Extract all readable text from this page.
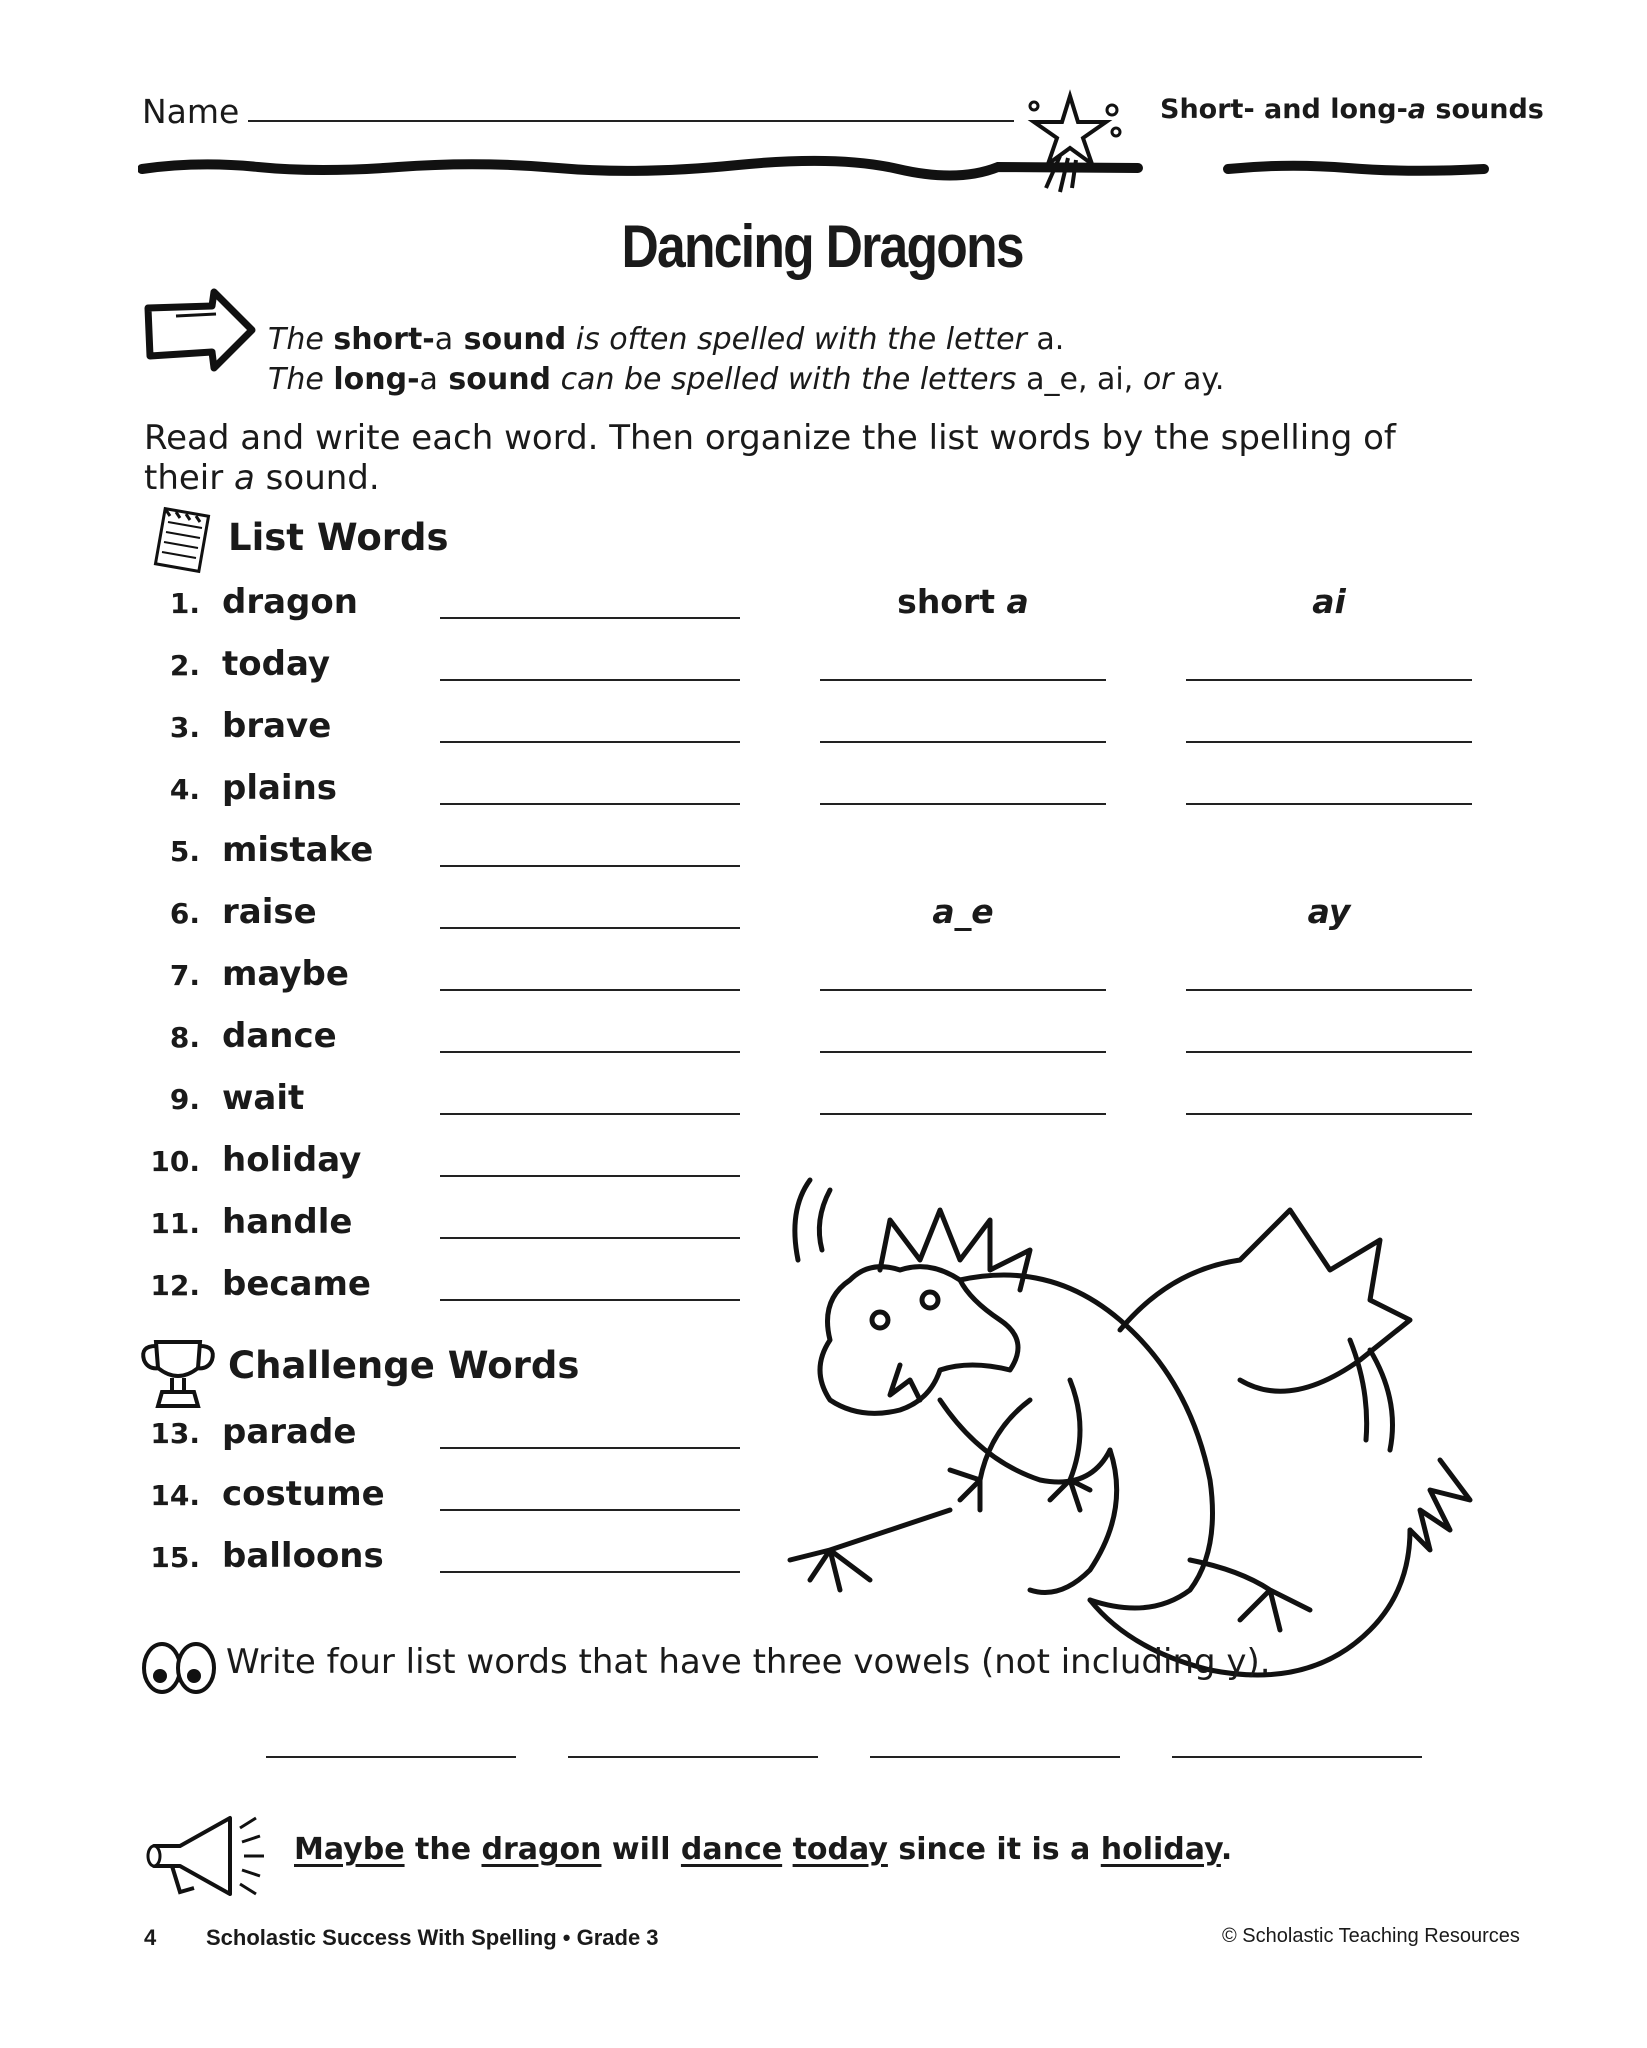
Name	Short- and long-a sounds
Dancing Dragons
The short-a sound is often spelled with the letter a.
The long-a sound can be spelled with the letters a_e, ai, or ay.
Read and write each word. Then organize the list words by the spelling of their a sound.
List Words
1. dragon
2. today
3. brave
4. plains
5. mistake
6. raise
7. maybe
8. dance
9. wait
10. holiday
11. handle
12. became
Challenge Words
13. parade
14. costume
15. balloons
short a	ai
a_e	ay
Write four list words that have three vowels (not including y).
Maybe the dragon will dance today since it is a holiday.
4 Scholastic Success With Spelling • Grade 3	© Scholastic Teaching Resources
